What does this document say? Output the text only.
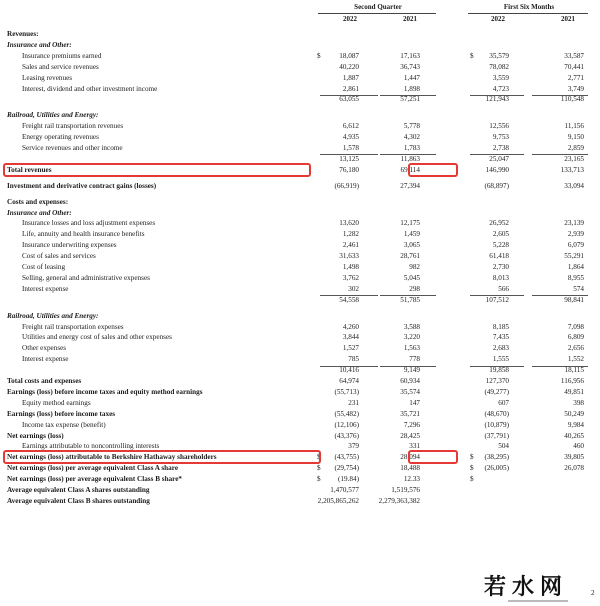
Second Quarter	First Six Months
2022	2021	2022	2021
Revenues:
Insurance and Other:
Insurance premiums earned	18,087	17,163	35,579	33,587
$	$
Sales and service revenues	40,220	36,743	78,082	70,441
Leasing revenues	1,887	1,447	3,559	2,771
Interest, dividend and other investment income	2,861	1,898	4,723	3,749
63,055	57,251	121,943	110,548
Railroad, Utilities and Energy:
Freight rail transportation revenues	6,612	5,778	12,556	11,156
Energy operating revenues	4,935	4,302	9,753	9,150
Service revenues and other income	1,578	1,783	2,738	2,859
13,125	11,863	25,047	23,165
Total revenues	76,180	69,114	146,990	133,713
Investment and derivative contract gains (losses)	(66,919)	27,394	(68,897)	33,094
Costs and expenses:
Insurance and Other:
Insurance losses and loss adjustment expenses	13,620	12,175	26,952	23,139
Life, annuity and health insurance benefits	1,282	1,459	2,605	2,939
Insurance underwriting expenses	2,461	3,065	5,228	6,079
Cost of sales and services	31,633	28,761	61,418	55,291
Cost of leasing	1,498	982	2,730	1,864
Selling, general and administrative expenses	3,762	5,045	8,013	8,955
Interest expense	302	298	566	574
54,558	51,785	107,512	98,841
Railroad, Utilities and Energy:
Freight rail transportation expenses	4,260	3,588	8,185	7,098
Utilities and energy cost of sales and other expenses	3,844	3,220	7,435	6,809
Other expenses	1,527	1,563	2,683	2,656
Interest expense	785	778	1,555	1,552
10,416	9,149	19,858	18,115
Total costs and expenses	64,974	60,934	127,370	116,956
Earnings (loss) before income taxes and equity method earnings	(55,713)	35,574	(49,277)	49,851
Equity method earnings	231	147	607	398
Earnings (loss) before income taxes	(55,482)	35,721	(48,670)	50,249
Income tax expense (benefit)	(12,106)	7,296	(10,879)	9,984
Net earnings (loss)	(43,376)	28,425	(37,791)	40,265
Earnings attributable to noncontrolling interests	379	331	504	460
Net earnings (loss) attributable to Berkshire Hathaway shareholders	(43,755)	28,094	(38,295)	39,805
$	$
Net earnings (loss) per average equivalent Class A share	(29,754)	18,488	(26,005)	26,078
$	$
Net earnings (loss) per average equivalent Class B share*	(19.84)	12.33
$	$
Average equivalent Class A shares outstanding	1,470,577	1,519,576
Average equivalent Class B shares outstanding	2,205,865,262	2,279,363,382
2
若水网
